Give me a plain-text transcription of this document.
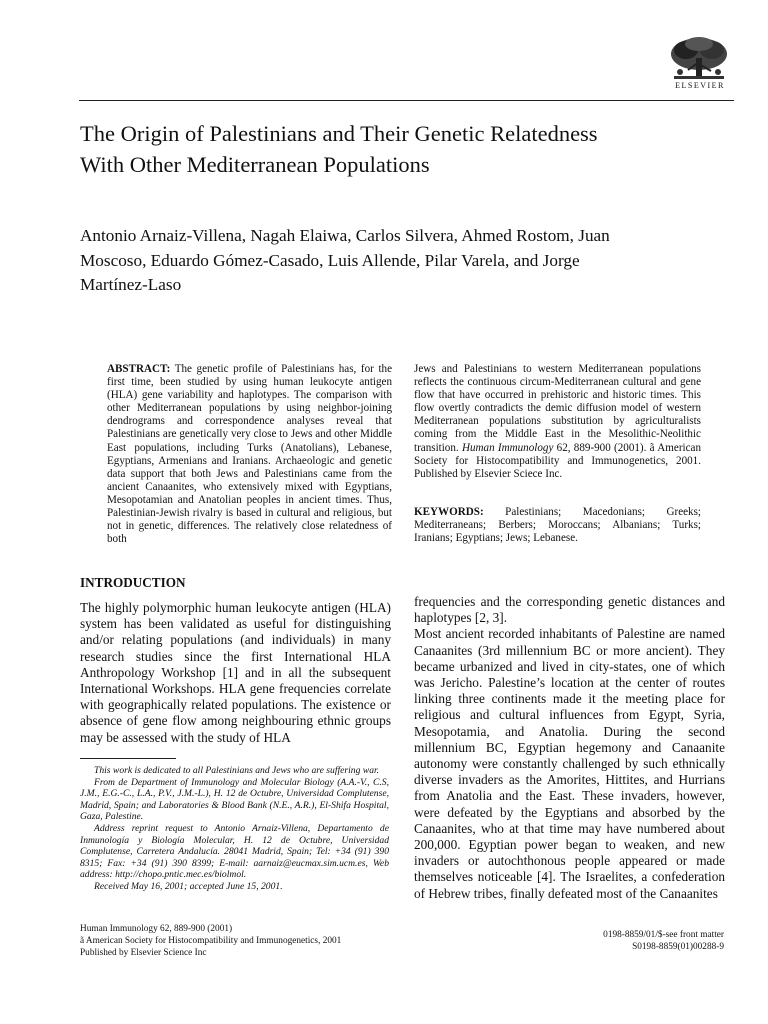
ELSEVIER
The Origin of Palestinians and Their Genetic Relatedness With Other Mediterranean Populations

Antonio Arnaiz-Villena, Nagah Elaiwa, Carlos Silvera, Ahmed Rostom, Juan Moscoso, Eduardo Gómez-Casado, Luis Allende, Pilar Varela, and Jorge Martínez-Laso

ABSTRACT: The genetic profile of Palestinians has, for the first time, been studied by using human leukocyte antigen (HLA) gene variability and haplotypes. The comparison with other Mediterranean populations by using neighbor-joining dendrograms and correspondence analyses reveal that Palestinians are genetically very close to Jews and other Middle East populations, including Turks (Anatolians), Lebanese, Egyptians, Armenians and Iranians. Archaeologic and genetic data support that both Jews and Palestinians came from the ancient Canaanites, who extensively mixed with Egyptians, Mesopotamian and Anatolian peoples in ancient times. Thus, Palestinian-Jewish rivalry is based in cultural and religious, but not in genetic, differences. The relatively close relatedness of both
Jews and Palestinians to western Mediterranean populations reflects the continuous circum-Mediterranean cultural and gene flow that have occurred in prehistoric and historic times. This flow overtly contradicts the demic diffusion model of western Mediterranean populations substitution by agriculturalists coming from the Middle East in the Mesolithic-Neolithic transition. Human Immunology 62, 889-900 (2001). ã American Society for Histocompatibility and Immunogenetics, 2001. Published by Elsevier Sciece Inc.
KEYWORDS: Palestinians; Macedonians; Greeks; Mediterraneans; Berbers; Moroccans; Albanians; Turks; Iranians; Egyptians; Jews; Lebanese.
INTRODUCTION
The highly polymorphic human leukocyte antigen (HLA) system has been validated as useful for distinguishing and/or relating populations (and individuals) in many research studies since the first International HLA Anthropology Workshop [1] and in all the subsequent International Workshops. HLA gene frequencies correlate with geographically related populations. The existence or absence of gene flow among neighbouring ethnic groups may be assessed with the study of HLA
frequencies and the corresponding genetic distances and haplotypes [2, 3].
Most ancient recorded inhabitants of Palestine are named Canaanites (3rd millennium BC or more ancient). They became urbanized and lived in city-states, one of which was Jericho. Palestine’s location at the center of routes linking three continents made it the meeting place for religious and cultural influences from Egypt, Syria, Mesopotamia, and Anatolia. During the second millennium BC, Egyptian hegemony and Canaanite autonomy were constantly challenged by such ethnically diverse invaders as the Amorites, Hittites, and Hurrians from Anatolia and the East. These invaders, however, were defeated by the Egyptians and absorbed by the Canaanites, who at that time may have numbered about 200,000. Egyptian power began to weaken, and new invaders or autochthonous people appeared or made themselves noticeable [4]. The Israelites, a confederation of Hebrew tribes, finally defeated most of the Canaanites

This work is dedicated to all Palestinians and Jews who are suffering war.

From de Department of Immunology and Molecular Biology (A.A.-V., C.S, J.M., E.G.-C., L.A., P.V., J.M.-L.), H. 12 de Octubre, Universidad Complutense, Madrid, Spain; and Laboratories & Blood Bank (N.E., A.R.), El-Shifa Hospital, Gaza, Palestine.

Address reprint request to Antonio Arnaiz-Villena, Departamento de Inmunología y Biología Molecular, H. 12 de Octubre, Universidad Complutense, Carretera Andalucía. 28041 Madrid, Spain; Tel: +34 (91) 390 8315; Fax: +34 (91) 390 8399; E-mail: aarnaiz@eucmax.sim.ucm.es, Web address: http://chopo.pntic.mec.es/biolmol.

Received May 16, 2001; accepted June 15, 2001.

Human Immunology 62, 889-900 (2001)
ã American Society for Histocompatibility and Immunogenetics, 2001
Published by Elsevier Science Inc
0198-8859/01/$-see front matter
S0198-8859(01)00288-9
